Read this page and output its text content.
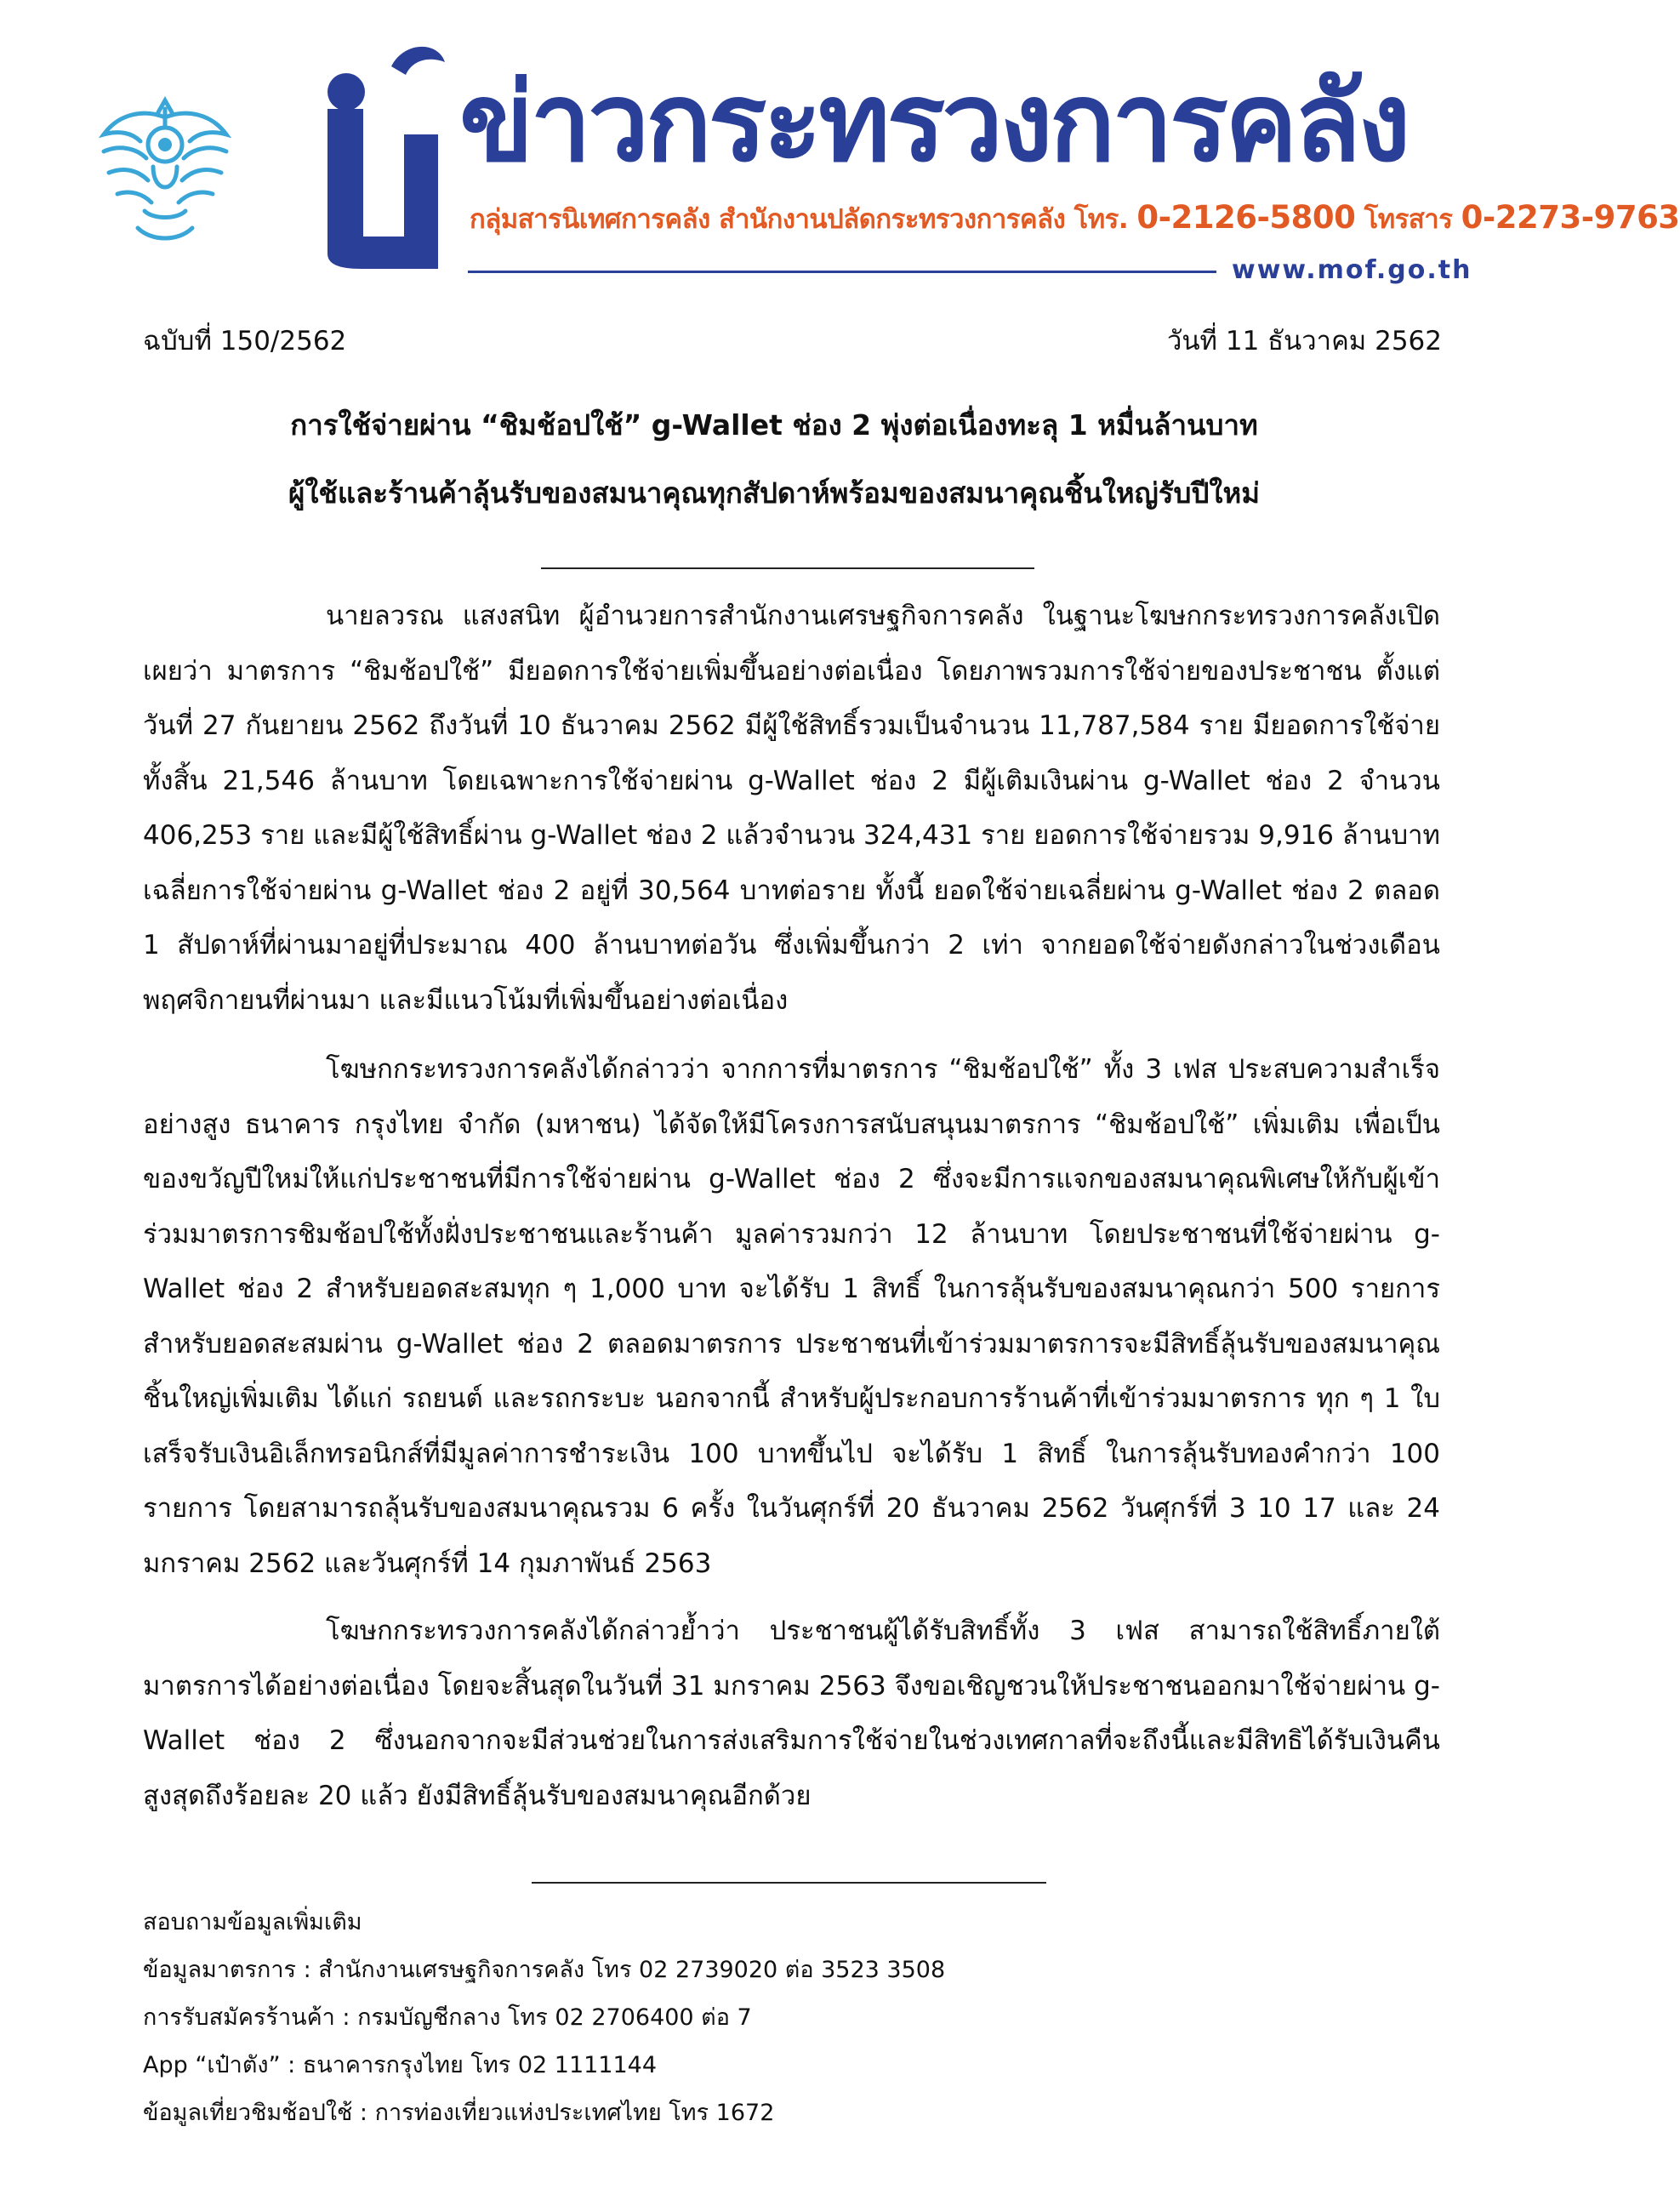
ข่าวกระทรวงการคลัง
กลุ่มสารนิเทศการคลัง สำนักงานปลัดกระทรวงการคลัง โทร. 0-2126-5800 โทรสาร 0-2273-9763
www.mof.go.th
ฉบับที่ 150/2562	วันที่ 11 ธันวาคม 2562
การใช้จ่ายผ่าน “ชิมช้อปใช้” g-Wallet ช่อง 2 พุ่งต่อเนื่องทะลุ 1 หมื่นล้านบาท
ผู้ใช้และร้านค้าลุ้นรับของสมนาคุณทุกสัปดาห์พร้อมของสมนาคุณชิ้นใหญ่รับปีใหม่

นายลวรณ แสงสนิท ผู้อำนวยการสำนักงานเศรษฐกิจการคลัง ในฐานะโฆษกกระทรวงการคลังเปิดเผยว่า มาตรการ “ชิมช้อปใช้” มียอดการใช้จ่ายเพิ่มขึ้นอย่างต่อเนื่อง โดยภาพรวมการใช้จ่ายของประชาชน ตั้งแต่วันที่ 27 กันยายน 2562 ถึงวันที่ 10 ธันวาคม 2562 มีผู้ใช้สิทธิ์รวมเป็นจำนวน 11,787,584 ราย มียอดการใช้จ่ายทั้งสิ้น 21,546 ล้านบาท โดยเฉพาะการใช้จ่ายผ่าน g-Wallet ช่อง 2 มีผู้เติมเงินผ่าน g-Wallet ช่อง 2 จำนวน 406,253 ราย และมีผู้ใช้สิทธิ์ผ่าน g-Wallet ช่อง 2 แล้วจำนวน 324,431 ราย ยอดการใช้จ่ายรวม 9,916 ล้านบาท เฉลี่ยการใช้จ่ายผ่าน g-Wallet ช่อง 2 อยู่ที่ 30,564 บาทต่อราย ทั้งนี้ ยอดใช้จ่ายเฉลี่ยผ่าน g-Wallet ช่อง 2 ตลอด 1 สัปดาห์ที่ผ่านมาอยู่ที่ประมาณ 400 ล้านบาทต่อวัน ซึ่งเพิ่มขึ้นกว่า 2 เท่า จากยอดใช้จ่ายดังกล่าวในช่วงเดือนพฤศจิกายนที่ผ่านมา และมีแนวโน้มที่เพิ่มขึ้นอย่างต่อเนื่อง

โฆษกกระทรวงการคลังได้กล่าวว่า จากการที่มาตรการ “ชิมช้อปใช้” ทั้ง 3 เฟส ประสบความสำเร็จอย่างสูง ธนาคาร กรุงไทย จำกัด (มหาชน) ได้จัดให้มีโครงการสนับสนุนมาตรการ “ชิมช้อปใช้” เพิ่มเติม เพื่อเป็นของขวัญปีใหม่ให้แก่ประชาชนที่มีการใช้จ่ายผ่าน g-Wallet ช่อง 2 ซึ่งจะมีการแจกของสมนาคุณพิเศษให้กับผู้เข้าร่วมมาตรการชิมช้อปใช้ทั้งฝั่งประชาชนและร้านค้า มูลค่ารวมกว่า 12 ล้านบาท โดยประชาชนที่ใช้จ่ายผ่าน g-Wallet ช่อง 2 สำหรับยอดสะสมทุก ๆ 1,000 บาท จะได้รับ 1 สิทธิ์ ในการลุ้นรับของสมนาคุณกว่า 500 รายการ สำหรับยอดสะสมผ่าน g-Wallet ช่อง 2 ตลอดมาตรการ ประชาชนที่เข้าร่วมมาตรการจะมีสิทธิ์ลุ้นรับของสมนาคุณชิ้นใหญ่เพิ่มเติม ได้แก่ รถยนต์ และรถกระบะ นอกจากนี้ สำหรับผู้ประกอบการร้านค้าที่เข้าร่วมมาตรการ ทุก ๆ 1 ใบเสร็จรับเงินอิเล็กทรอนิกส์ที่มีมูลค่าการชำระเงิน 100 บาทขึ้นไป จะได้รับ 1 สิทธิ์ ในการลุ้นรับทองคำกว่า 100 รายการ โดยสามารถลุ้นรับของสมนาคุณรวม 6 ครั้ง ในวันศุกร์ที่ 20 ธันวาคม 2562 วันศุกร์ที่ 3 10 17 และ 24 มกราคม 2562 และวันศุกร์ที่ 14 กุมภาพันธ์ 2563

โฆษกกระทรวงการคลังได้กล่าวย้ำว่า ประชาชนผู้ได้รับสิทธิ์ทั้ง 3 เฟส สามารถใช้สิทธิ์ภายใต้มาตรการได้อย่างต่อเนื่อง โดยจะสิ้นสุดในวันที่ 31 มกราคม 2563 จึงขอเชิญชวนให้ประชาชนออกมาใช้จ่ายผ่าน g-Wallet ช่อง 2 ซึ่งนอกจากจะมีส่วนช่วยในการส่งเสริมการใช้จ่ายในช่วงเทศกาลที่จะถึงนี้และมีสิทธิได้รับเงินคืนสูงสุดถึงร้อยละ 20 แล้ว ยังมีสิทธิ์ลุ้นรับของสมนาคุณอีกด้วย

สอบถามข้อมูลเพิ่มเติม
ข้อมูลมาตรการ : สำนักงานเศรษฐกิจการคลัง โทร 02 2739020 ต่อ 3523 3508
การรับสมัครร้านค้า : กรมบัญชีกลาง โทร 02 2706400 ต่อ 7
App “เป๋าตัง” : ธนาคารกรุงไทย โทร 02 1111144
ข้อมูลเที่ยวชิมช้อปใช้ : การท่องเที่ยวแห่งประเทศไทย โทร 1672
